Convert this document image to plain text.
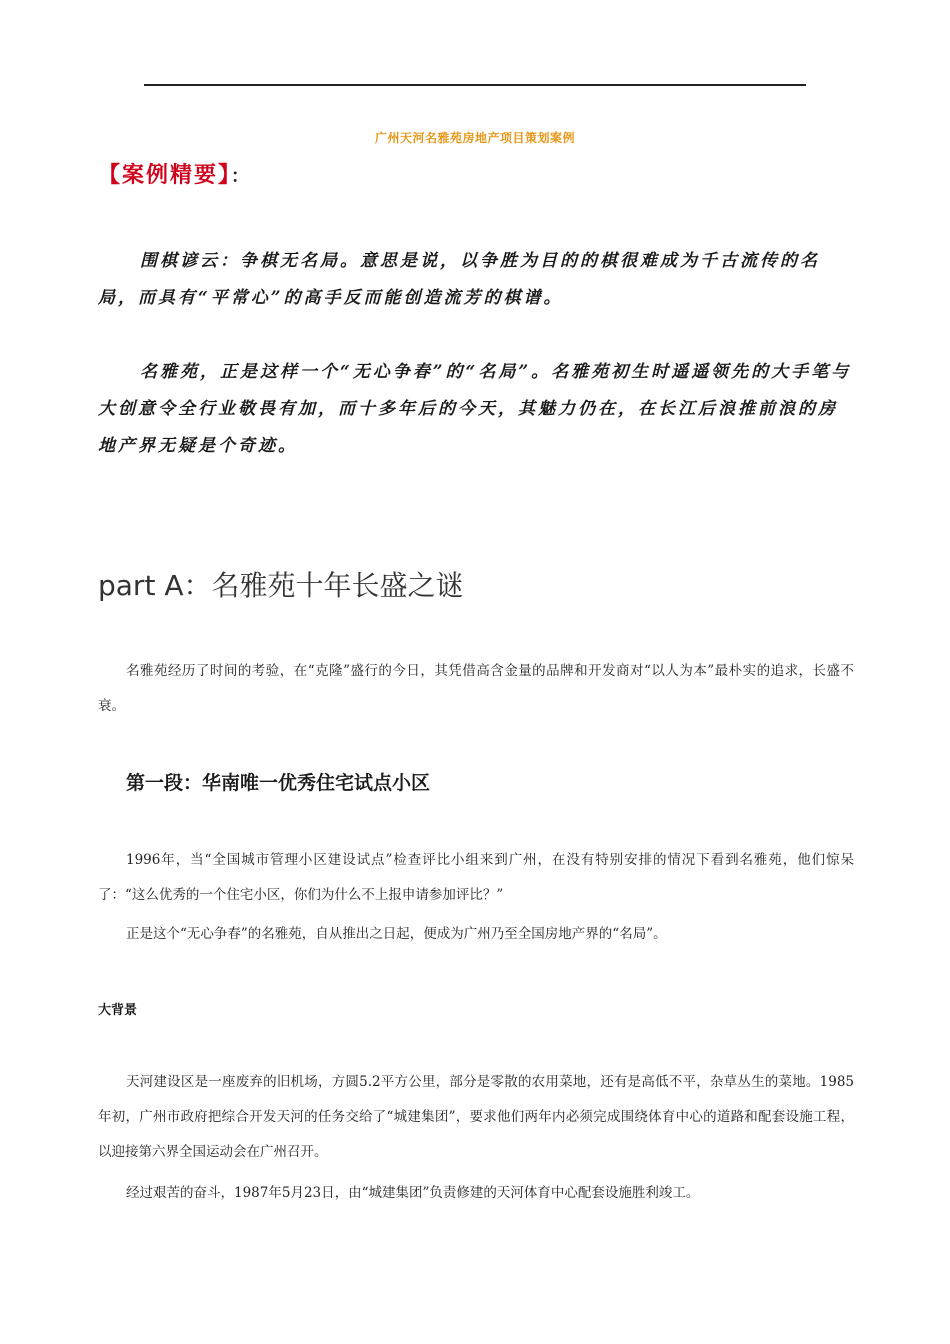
广州天河名雅苑房地产项目策划案例
【案例精要】：

围棋谚云：争棋无名局。意思是说，以争胜为目的的棋很难成为千古流传的名局，而具有“平常心”的高手反而能创造流芳的棋谱。

名雅苑，正是这样一个“无心争春”的“名局”。名雅苑初生时遥遥领先的大手笔与大创意令全行业敬畏有加，而十多年后的今天，其魅力仍在，在长江后浪推前浪的房地产界无疑是个奇迹。

part A：名雅苑十年长盛之谜

名雅苑经历了时间的考验，在“克隆”盛行的今日，其凭借高含金量的品牌和开发商对“以人为本”最朴实的追求，长盛不衰。

第一段：华南唯一优秀住宅试点小区

1996年，当“全国城市管理小区建设试点”检查评比小组来到广州，在没有特别安排的情况下看到名雅苑，他们惊呆了：“这么优秀的一个住宅小区，你们为什么不上报申请参加评比？”

正是这个“无心争春”的名雅苑，自从推出之日起，便成为广州乃至全国房地产界的“名局”。

大背景

天河建设区是一座废弃的旧机场，方圆5.2平方公里，部分是零散的农用菜地，还有是高低不平，杂草丛生的菜地。1985年初，广州市政府把综合开发天河的任务交给了“城建集团”，要求他们两年内必须完成围绕体育中心的道路和配套设施工程，以迎接第六界全国运动会在广州召开。

经过艰苦的奋斗，1987年5月23日，由“城建集团”负责修建的天河体育中心配套设施胜利竣工。
